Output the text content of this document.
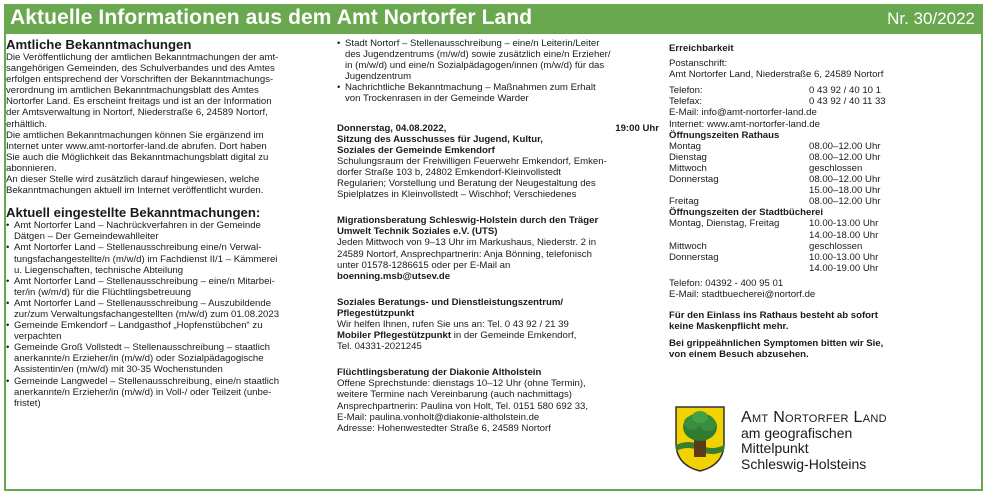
Aktuelle Informationen aus dem Amt Nortorfer Land	Nr. 30/2022
Amtliche Bekanntmachungen
Die Veröffentlichung der amtlichen Bekanntmachungen der amt-
sangehörigen Gemeinden, des Schulverbandes und des Amtes
erfolgen entsprechend der Vorschriften der Bekanntmachungs-
verordnung im amtlichen Bekanntmachungsblatt des Amtes
Nortorfer Land. Es erscheint freitags und ist an der Information
der Amtsverwaltung in Nortorf, Niederstraße 6, 24589 Nortorf,
erhältlich.
Die amtlichen Bekanntmachungen können Sie ergänzend im
Internet unter www.amt-nortorfer-land.de abrufen. Dort haben
Sie auch die Möglichkeit das Bekanntmachungsblatt digital zu
abonnieren.
An dieser Stelle wird zusätzlich darauf hingewiesen, welche
Bekanntmachungen aktuell im Internet veröffentlicht wurden.
Aktuell eingestellte Bekanntmachungen:
• Amt Nortorfer Land – Nachrückverfahren in der Gemeinde
Dätgen – Der Gemeindewahlleiter
• Amt Nortorfer Land – Stellenausschreibung eine/n Verwal-
tungsfachangestellte/n (m/w/d) im Fachdienst II/1 – Kämmerei
u. Liegenschaften, technische Abteilung
• Amt Nortorfer Land – Stellenausschreibung – eine/n Mitarbei-
ter/in (w/m/d) für die Flüchtlingsbetreuung
• Amt Nortorfer Land – Stellenausschreibung – Auszubildende
zur/zum Verwaltungsfachangestellten (m/w/d) zum 01.08.2023
• Gemeinde Emkendorf – Landgasthof „Hopfenstübchen“ zu
verpachten
• Gemeinde Groß Vollstedt – Stellenausschreibung – staatlich
anerkannte/n Erzieher/in (m/w/d) oder Sozialpädagogische
Assistentin/en (m/w/d) mit 30-35 Wochenstunden
• Gemeinde Langwedel – Stellenausschreibung, eine/n staatlich
anerkannte/n Erzieher/in (m/w/d) in Voll-/ oder Teilzeit (unbe-
fristet)
• Stadt Nortorf – Stellenausschreibung – eine/n Leiterin/Leiter
des Jugendzentrums (m/w/d) sowie zusätzlich eine/n Erzieher/
in (m/w/d) und eine/n Sozialpädagogen/innen (m/w/d) für das
Jugendzentrum
• Nachrichtliche Bekanntmachung – Maßnahmen zum Erhalt
von Trockenrasen in der Gemeinde Warder
Donnerstag, 04.08.2022,	19:00 Uhr
Sitzung des Ausschusses für Jugend, Kultur,
Soziales der Gemeinde Emkendorf
Schulungsraum der Freiwilligen Feuerwehr Emkendorf, Emken-
dorfer Straße 103 b, 24802 Emkendorf-Kleinvollstedt
Regularien; Vorstellung und Beratung der Neugestaltung des
Spielplatzes in Kleinvollstedt – Wischhof; Verschiedenes
Migrationsberatung Schleswig-Holstein durch den Träger
Umwelt Technik Soziales e.V. (UTS)
Jeden Mittwoch von 9–13 Uhr im Markushaus, Niederstr. 2 in
24589 Nortorf, Ansprechpartnerin: Anja Bönning, telefonisch
unter 01578-1286615 oder per E-Mail an
boenning.msb@utsev.de
Soziales Beratungs- und Dienstleistungszentrum/
Pflegestützpunkt
Wir helfen Ihnen, rufen Sie uns an: Tel. 0 43 92 / 21 39
Mobiler Pflegestützpunkt in der Gemeinde Emkendorf,
Tel. 04331-2021245
Flüchtlingsberatung der Diakonie Altholstein
Offene Sprechstunde: dienstags 10–12 Uhr (ohne Termin),
weitere Termine nach Vereinbarung (auch nachmittags)
Ansprechpartnerin: Paulina von Holt, Tel. 0151 580 692 33,
E-Mail: paulina.vonholt@diakonie-altholstein.de
Adresse: Hohenwestedter Straße 6, 24589 Nortorf
Erreichbarkeit
Postanschrift:
Amt Nortorfer Land, Niederstraße 6, 24589 Nortorf
Telefon:	0 43 92 / 40 10 1
Telefax:	0 43 92 / 40 11 33
E-Mail: info@amt-nortorfer-land.de
Internet: www.amt-nortorfer-land.de
Öffnungszeiten Rathaus
Montag	08.00–12.00 Uhr
Dienstag	08.00–12.00 Uhr
Mittwoch	geschlossen
Donnerstag	08.00–12.00 Uhr
15.00–18.00 Uhr
Freitag	08.00–12.00 Uhr
Öffnungszeiten der Stadtbücherei
Montag, Dienstag, Freitag	10.00-13.00 Uhr
14.00-18.00 Uhr
Mittwoch	geschlossen
Donnerstag	10.00-13.00 Uhr
14.00-19.00 Uhr
Telefon: 04392 - 400 95 01
E-Mail: stadtbuecherei@nortorf.de
Für den Einlass ins Rathaus besteht ab sofort
keine Maskenpflicht mehr.
Bei grippeähnlichen Symptomen bitten wir Sie,
von einem Besuch abzusehen.
Amt Nortorfer Land
am geografischen
Mittelpunkt
Schleswig-Holsteins
